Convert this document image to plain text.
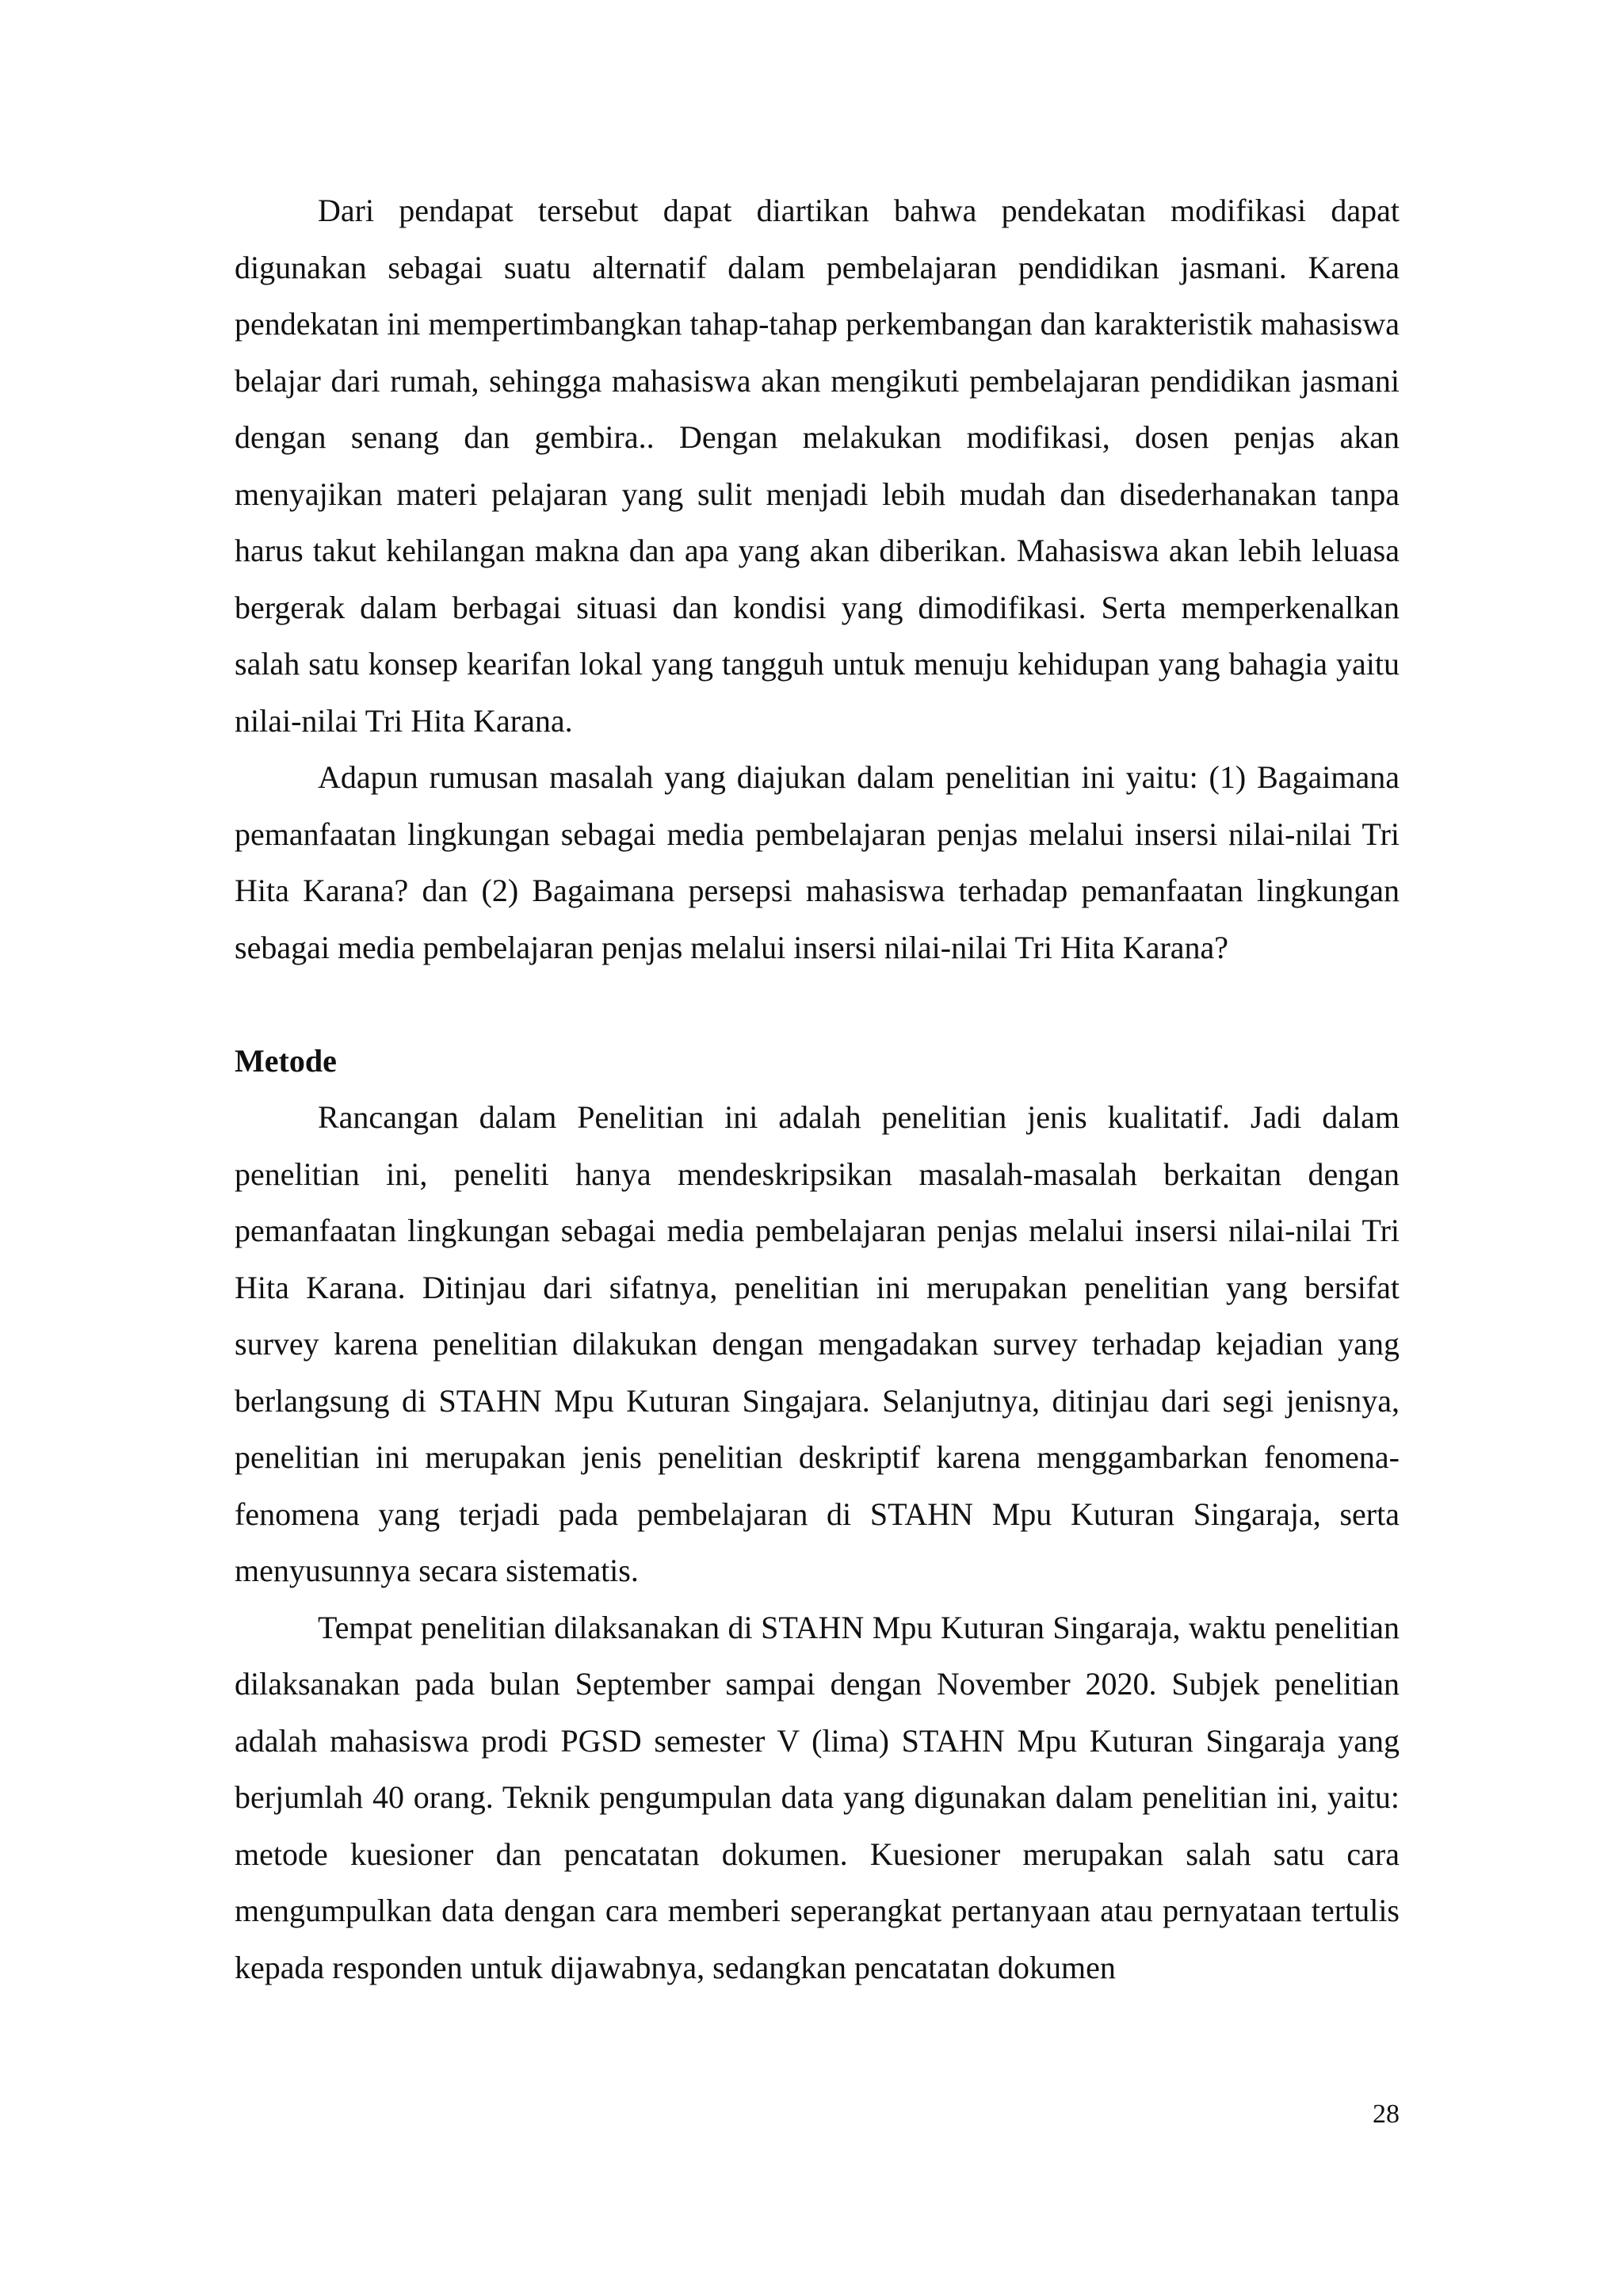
Dari pendapat tersebut dapat diartikan bahwa pendekatan modifikasi dapat digunakan sebagai suatu alternatif dalam pembelajaran pendidikan jasmani. Karena pendekatan ini mempertimbangkan tahap-tahap perkembangan dan karakteristik mahasiswa belajar dari rumah, sehingga mahasiswa akan mengikuti pembelajaran pendidikan jasmani dengan senang dan gembira.. Dengan melakukan modifikasi, dosen penjas akan menyajikan materi pelajaran yang sulit menjadi lebih mudah dan disederhanakan tanpa harus takut kehilangan makna dan apa yang akan diberikan. Mahasiswa akan lebih leluasa bergerak dalam berbagai situasi dan kondisi yang dimodifikasi. Serta memperkenalkan salah satu konsep kearifan lokal yang tangguh untuk menuju kehidupan yang bahagia yaitu nilai-nilai Tri Hita Karana.

Adapun rumusan masalah yang diajukan dalam penelitian ini yaitu: (1) Bagaimana pemanfaatan lingkungan sebagai media pembelajaran penjas melalui insersi nilai-nilai Tri Hita Karana? dan (2) Bagaimana persepsi mahasiswa terhadap pemanfaatan lingkungan sebagai media pembelajaran penjas melalui insersi nilai-nilai Tri Hita Karana?

Metode

Rancangan dalam Penelitian ini adalah penelitian jenis kualitatif. Jadi dalam penelitian ini, peneliti hanya mendeskripsikan masalah-masalah berkaitan dengan pemanfaatan lingkungan sebagai media pembelajaran penjas melalui insersi nilai-nilai Tri Hita Karana. Ditinjau dari sifatnya, penelitian ini merupakan penelitian yang bersifat survey karena penelitian dilakukan dengan mengadakan survey terhadap kejadian yang berlangsung di STAHN Mpu Kuturan Singajara. Selanjutnya, ditinjau dari segi jenisnya, penelitian ini merupakan jenis penelitian deskriptif karena menggambarkan fenomena-fenomena yang terjadi pada pembelajaran di STAHN Mpu Kuturan Singaraja, serta menyusunnya secara sistematis.

Tempat penelitian dilaksanakan di STAHN Mpu Kuturan Singaraja, waktu penelitian dilaksanakan pada bulan September sampai dengan November 2020. Subjek penelitian adalah mahasiswa prodi PGSD semester V (lima) STAHN Mpu Kuturan Singaraja yang berjumlah 40 orang. Teknik pengumpulan data yang digunakan dalam penelitian ini, yaitu: metode kuesioner dan pencatatan dokumen. Kuesioner merupakan salah satu cara mengumpulkan data dengan cara memberi seperangkat pertanyaan atau pernyataan tertulis kepada responden untuk dijawabnya, sedangkan pencatatan dokumen

28
